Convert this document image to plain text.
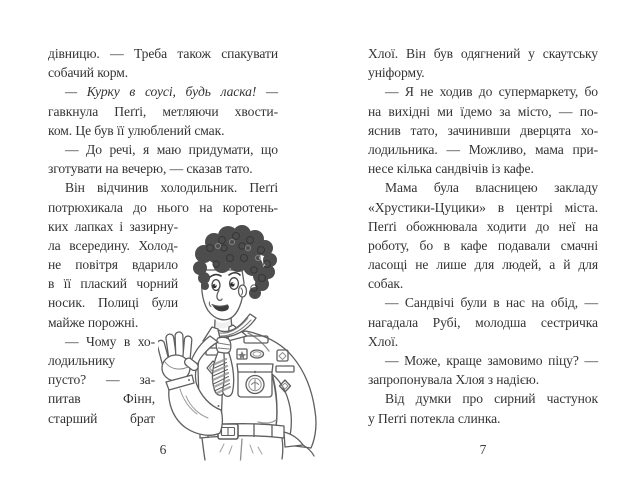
дівницю. — Треба також спакувати
собачий корм.
— Курку в соусі, будь ласка! —
гавкнула Пеґґі, метляючи хвости-
ком. Це був її улюблений смак.
— До речі, я маю придумати, що
зготувати на вечерю, — сказав тато.
Він відчинив холодильник. Пеґґі
потрюхикала до нього на коротень-
ких лапках і зазирну-
ла всередину. Холод-
не повітря вдарило
в її плаский чорний
носик. Полиці були
майже порожні.
— Чому в хо-
лодильнику
пусто? — за-
питав Фінн,
старший брат
Хлої. Він був одягнений у скаутську
уніформу.
— Я не ходив до супермаркету, бо
на вихідні ми їдемо за місто, — по-
яснив тато, зачинивши дверцята хо-
лодильника. — Можливо, мама при-
несе кілька сандвічів із кафе.
Мама була власницею закладу
«Хрустики-Цуцики» в центрі міста.
Пеґґі обожнювала ходити до неї на
роботу, бо в кафе подавали смачні
ласощі не лише для людей, а й для
собак.
— Сандвічі були в нас на обід, —
нагадала Рубі, молодша сестричка
Хлої.
— Може, краще замовимо піцу? —
запропонувала Хлоя з надією.
Від думки про сирний частунок
у Пеґґі потекла слинка.
6	7
